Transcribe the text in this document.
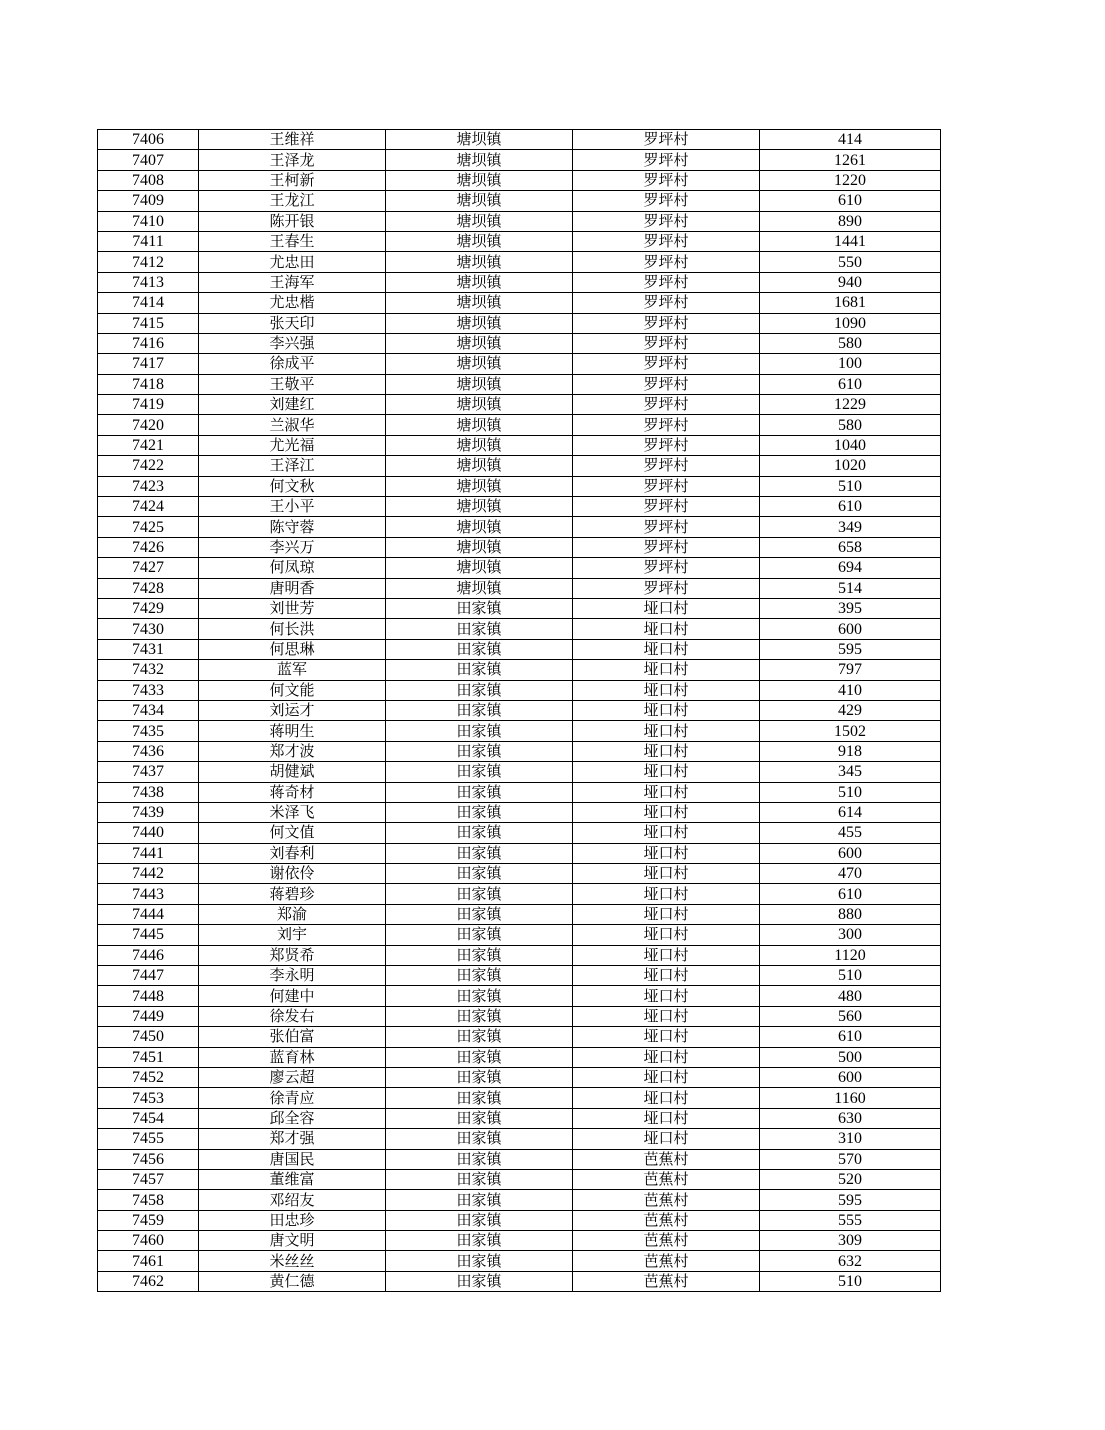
7406	王维祥	塘坝镇	罗坪村	414
7407	王泽龙	塘坝镇	罗坪村	1261
7408	王柯新	塘坝镇	罗坪村	1220
7409	王龙江	塘坝镇	罗坪村	610
7410	陈开银	塘坝镇	罗坪村	890
7411	王春生	塘坝镇	罗坪村	1441
7412	尤忠田	塘坝镇	罗坪村	550
7413	王海军	塘坝镇	罗坪村	940
7414	尤忠楷	塘坝镇	罗坪村	1681
7415	张天印	塘坝镇	罗坪村	1090
7416	李兴强	塘坝镇	罗坪村	580
7417	徐成平	塘坝镇	罗坪村	100
7418	王敬平	塘坝镇	罗坪村	610
7419	刘建红	塘坝镇	罗坪村	1229
7420	兰淑华	塘坝镇	罗坪村	580
7421	尤光福	塘坝镇	罗坪村	1040
7422	王泽江	塘坝镇	罗坪村	1020
7423	何文秋	塘坝镇	罗坪村	510
7424	王小平	塘坝镇	罗坪村	610
7425	陈守蓉	塘坝镇	罗坪村	349
7426	李兴万	塘坝镇	罗坪村	658
7427	何凤琼	塘坝镇	罗坪村	694
7428	唐明香	塘坝镇	罗坪村	514
7429	刘世芳	田家镇	垭口村	395
7430	何长洪	田家镇	垭口村	600
7431	何思琳	田家镇	垭口村	595
7432	蓝军	田家镇	垭口村	797
7433	何文能	田家镇	垭口村	410
7434	刘运才	田家镇	垭口村	429
7435	蒋明生	田家镇	垭口村	1502
7436	郑才波	田家镇	垭口村	918
7437	胡健斌	田家镇	垭口村	345
7438	蒋奇材	田家镇	垭口村	510
7439	米泽飞	田家镇	垭口村	614
7440	何文值	田家镇	垭口村	455
7441	刘春利	田家镇	垭口村	600
7442	谢依伶	田家镇	垭口村	470
7443	蒋碧珍	田家镇	垭口村	610
7444	郑渝	田家镇	垭口村	880
7445	刘宇	田家镇	垭口村	300
7446	郑贤希	田家镇	垭口村	1120
7447	李永明	田家镇	垭口村	510
7448	何建中	田家镇	垭口村	480
7449	徐发右	田家镇	垭口村	560
7450	张伯富	田家镇	垭口村	610
7451	蓝育林	田家镇	垭口村	500
7452	廖云超	田家镇	垭口村	600
7453	徐青应	田家镇	垭口村	1160
7454	邱全容	田家镇	垭口村	630
7455	郑才强	田家镇	垭口村	310
7456	唐国民	田家镇	芭蕉村	570
7457	董维富	田家镇	芭蕉村	520
7458	邓绍友	田家镇	芭蕉村	595
7459	田忠珍	田家镇	芭蕉村	555
7460	唐文明	田家镇	芭蕉村	309
7461	米丝丝	田家镇	芭蕉村	632
7462	黄仁德	田家镇	芭蕉村	510
